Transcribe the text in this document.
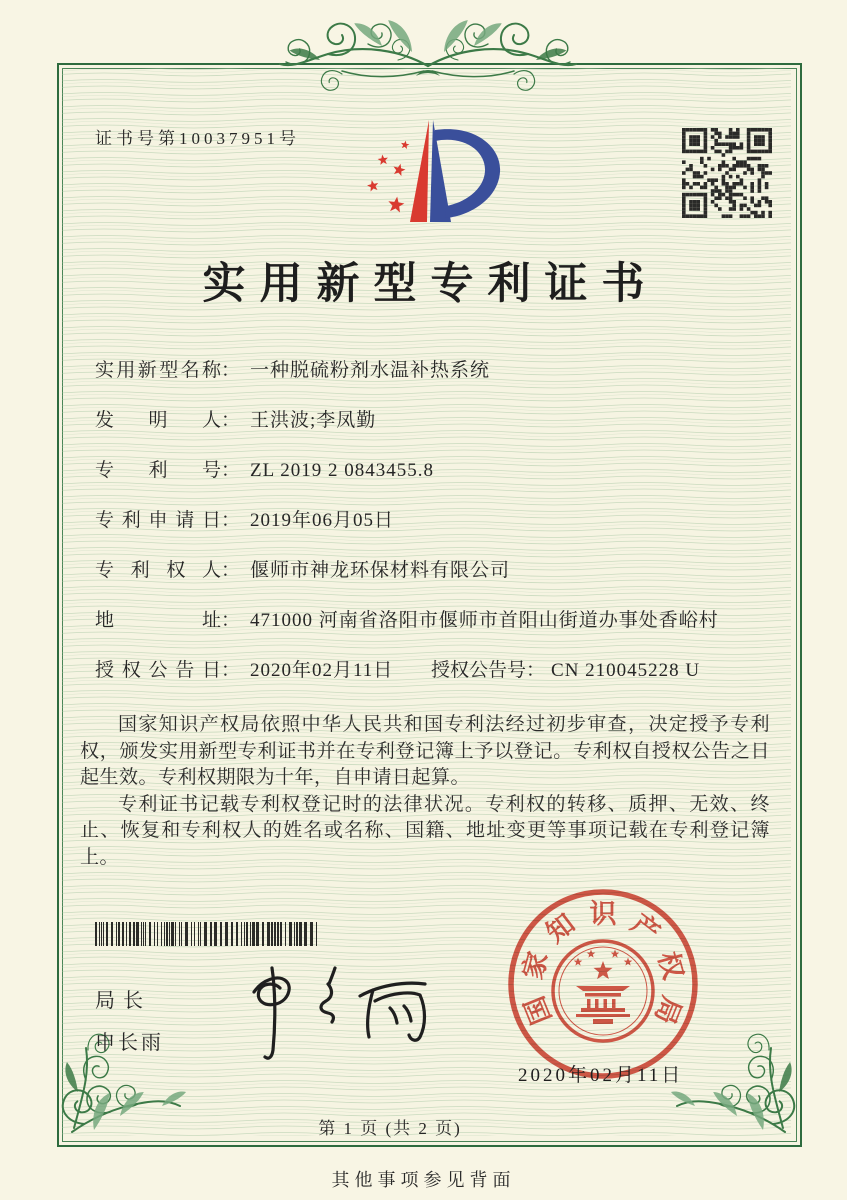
证书号第10037951号
实用新型专利证书
实用新型名称： 一种脱硫粉剂水温补热系统
发明人： 王洪波;李凤勤
专利号： ZL 2019 2 0843455.8
专利申请日： 2019年06月05日
专利权人： 偃师市神龙环保材料有限公司
地址： 471000 河南省洛阳市偃师市首阳山街道办事处香峪村
授权公告日： 2020年02月11日 授权公告号： CN 210045228 U

国家知识产权局依照中华人民共和国专利法经过初步审查，决定授予专利权，颁发实用新型专利证书并在专利登记簿上予以登记。专利权自授权公告之日起生效。专利权期限为十年，自申请日起算。

专利证书记载专利权登记时的法律状况。专利权的转移、质押、无效、终止、恢复和专利权人的姓名或名称、国籍、地址变更等事项记载在专利登记簿上。

局长
申长雨
国
家
知 识 产
权
局
2020年02月11日
第 1 页 (共 2 页)
其他事项参见背面
